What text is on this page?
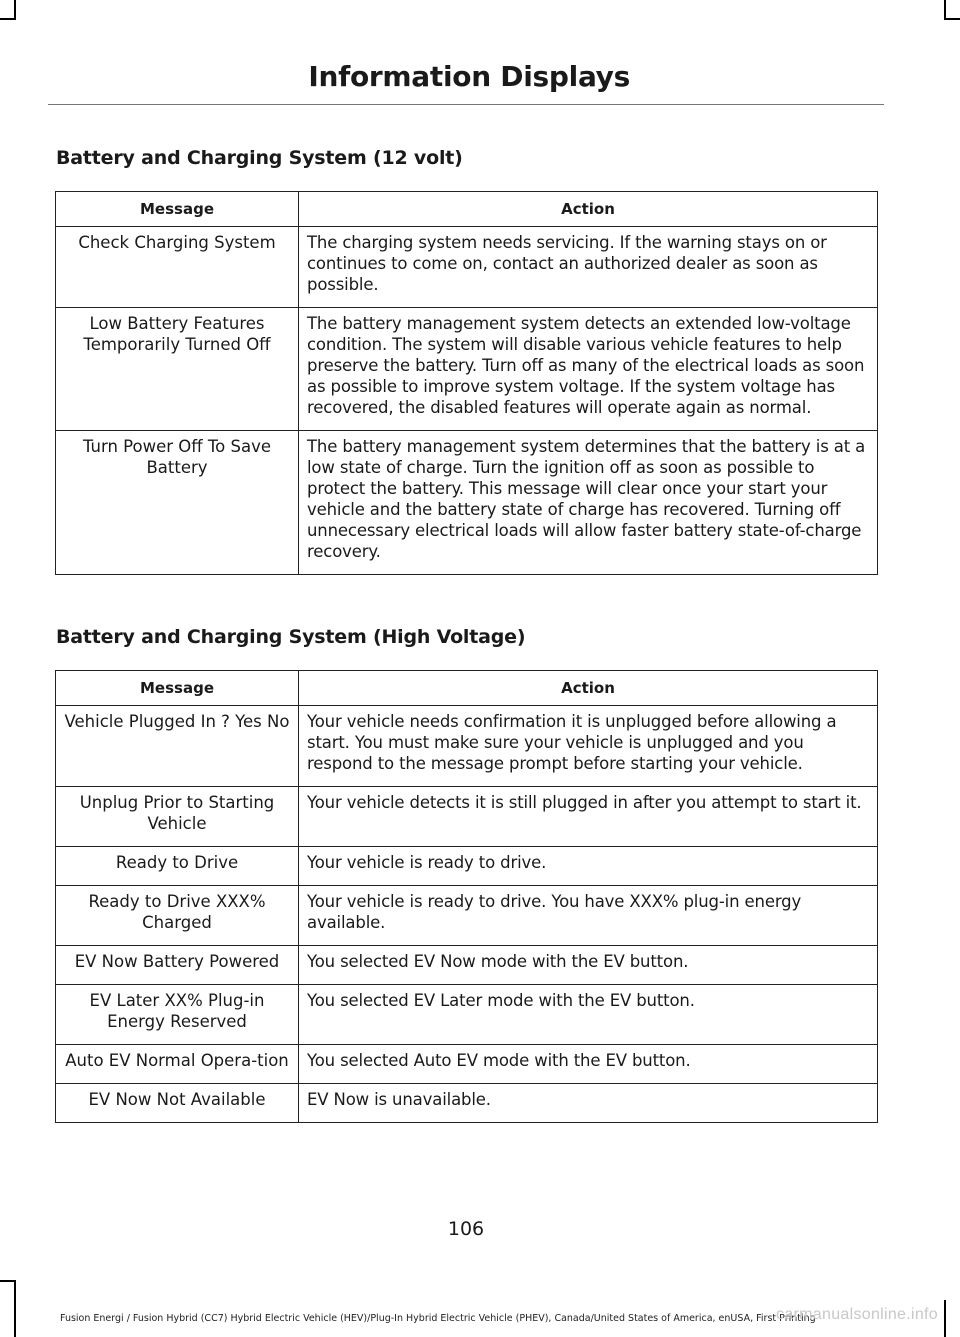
Information Displays
Battery and Charging System (12 volt)
Message	Action
Check Charging System	The charging system needs servicing. If the warning stays on or continues to come on, contact an authorized dealer as soon as possible.
Low Battery Features Temporarily Turned Off	The battery management system detects an extended low-voltage condition. The system will disable various vehicle features to help preserve the battery. Turn off as many of the electrical loads as soon as possible to improve system voltage. If the system voltage has recovered, the disabled features will operate again as normal.
Turn Power Off To Save Battery	The battery management system determines that the battery is at a low state of charge. Turn the ignition off as soon as possible to protect the battery. This message will clear once your start your vehicle and the battery state of charge has recovered. Turning off unnecessary electrical loads will allow faster battery state-of-charge recovery.
Battery and Charging System (High Voltage)
Message	Action
Vehicle Plugged In ? Yes No	Your vehicle needs confirmation it is unplugged before allowing a start. You must make sure your vehicle is unplugged and you respond to the message prompt before starting your vehicle.
Unplug Prior to Starting Vehicle	Your vehicle detects it is still plugged in after you attempt to start it.
Ready to Drive	Your vehicle is ready to drive.
Ready to Drive XXX% Charged	Your vehicle is ready to drive. You have XXX% plug-in energy available.
EV Now Battery Powered	You selected EV Now mode with the EV button.
EV Later XX% Plug-in Energy Reserved	You selected EV Later mode with the EV button.
Auto EV Normal Opera-tion	You selected Auto EV mode with the EV button.
EV Now Not Available	EV Now is unavailable.
106
Fusion Energi / Fusion Hybrid (CC7) Hybrid Electric Vehicle (HEV)/Plug-In Hybrid Electric Vehicle (PHEV), Canada/United States of America, enUSA, First Printing
carmanualsonline.info
